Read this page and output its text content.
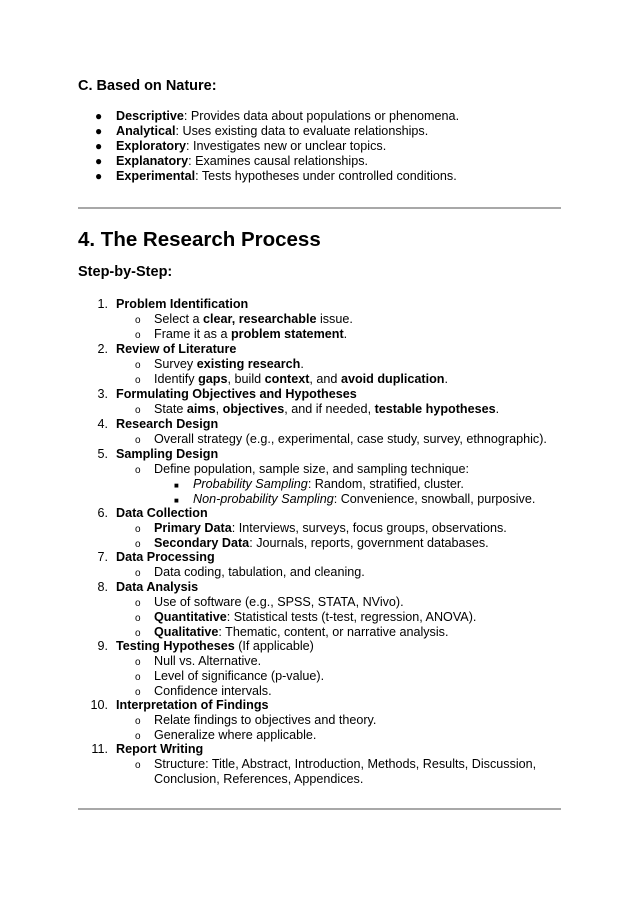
C. Based on Nature:
● Descriptive: Provides data about populations or phenomena.
● Analytical: Uses existing data to evaluate relationships.
● Exploratory: Investigates new or unclear topics.
● Explanatory: Examines causal relationships.
● Experimental: Tests hypotheses under controlled conditions.
4. The Research Process
Step-by-Step:
1. Problem Identification
o Select a clear, researchable issue.
o Frame it as a problem statement.
2. Review of Literature
o Survey existing research.
o Identify gaps, build context, and avoid duplication.
3. Formulating Objectives and Hypotheses
o State aims, objectives, and if needed, testable hypotheses.
4. Research Design
o Overall strategy (e.g., experimental, case study, survey, ethnographic).
5. Sampling Design
o Define population, sample size, and sampling technique:
■ Probability Sampling: Random, stratified, cluster.
■ Non-probability Sampling: Convenience, snowball, purposive.
6. Data Collection
o Primary Data: Interviews, surveys, focus groups, observations.
o Secondary Data: Journals, reports, government databases.
7. Data Processing
o Data coding, tabulation, and cleaning.
8. Data Analysis
o Use of software (e.g., SPSS, STATA, NVivo).
o Quantitative: Statistical tests (t-test, regression, ANOVA).
o Qualitative: Thematic, content, or narrative analysis.
9. Testing Hypotheses (If applicable)
o Null vs. Alternative.
o Level of significance (p-value).
o Confidence intervals.
10. Interpretation of Findings
o Relate findings to objectives and theory.
o Generalize where applicable.
11. Report Writing
o Structure: Title, Abstract, Introduction, Methods, Results, Discussion,
Conclusion, References, Appendices.
